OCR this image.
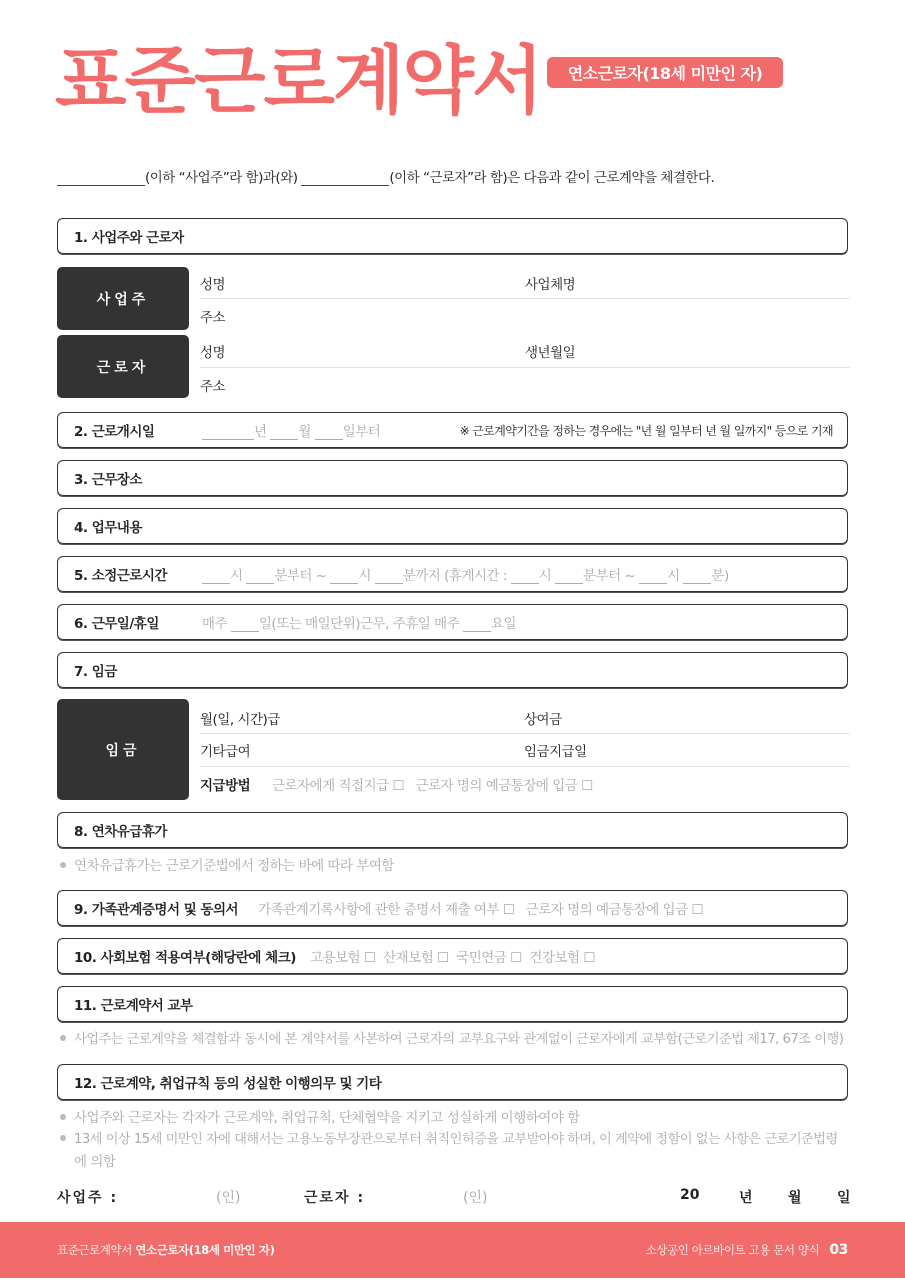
표준근로계약서	연소근로자(18세 미만인 자)
(이하 “사업주”라 함)과(와)	(이하 “근로자”라 함)은 다음과 같이 근로계약을 체결한다.
1. 사업주와 근로자
사업주
성명	사업체명
주소
근로자
성명	생년월일
주소
2. 근로개시일	년 월 일부터	※ 근로계약기간을 정하는 경우에는 "년 월 일부터 년 월 일까지" 등으로 기재
3. 근무장소
4. 업무내용
5. 소정근로시간	시 분부터 ~ 시 분까지 (휴게시간 : 시 분부터 ~ 시 분)
6. 근무일/휴일	매주 일(또는 매일단위)근무, 주휴일 매주 요일
7. 임금
임금
월(일, 시간)급	상여금
기타급여	임금지급일
지급방법 근로자에게 직접지급 ☐   근로자 명의 예금통장에 입금 ☐
8. 연차유급휴가
연차유급휴가는 근로기준법에서 정하는 바에 따라 부여함
9. 가족관계증명서 및 동의서 가족관계기록사항에 관한 증명서 제출 여부 ☐   근로자 명의 예금통장에 입금 ☐
10. 사회보험 적용여부(해당란에 체크) 고용보험 ☐  산재보험 ☐  국민연금 ☐  건강보험 ☐
11. 근로계약서 교부
사업주는 근로계약을 체결함과 동시에 본 계약서를 사본하여 근로자의 교부요구와 관계없이 근로자에게 교부함(근로기준법 제17, 67조 이행)
12. 근로계약, 취업규칙 등의 성실한 이행의무 및 기타
사업주와 근로자는 각자가 근로계약, 취업규칙, 단체협약을 지키고 성실하게 이행하여야 함
13세 이상 15세 미만인 자에 대해서는 고용노동부장관으로부터 취직인허증을 교부받아야 하며, 이 계약에 정함이 없는 사항은 근로기준법령
에 의함
사업주 :	(인)	근로자 :	(인)	20	년	월	일
표준근로계약서 연소근로자(18세 미만인 자)	소상공인 아르바이트 고용 문서 양식 03
